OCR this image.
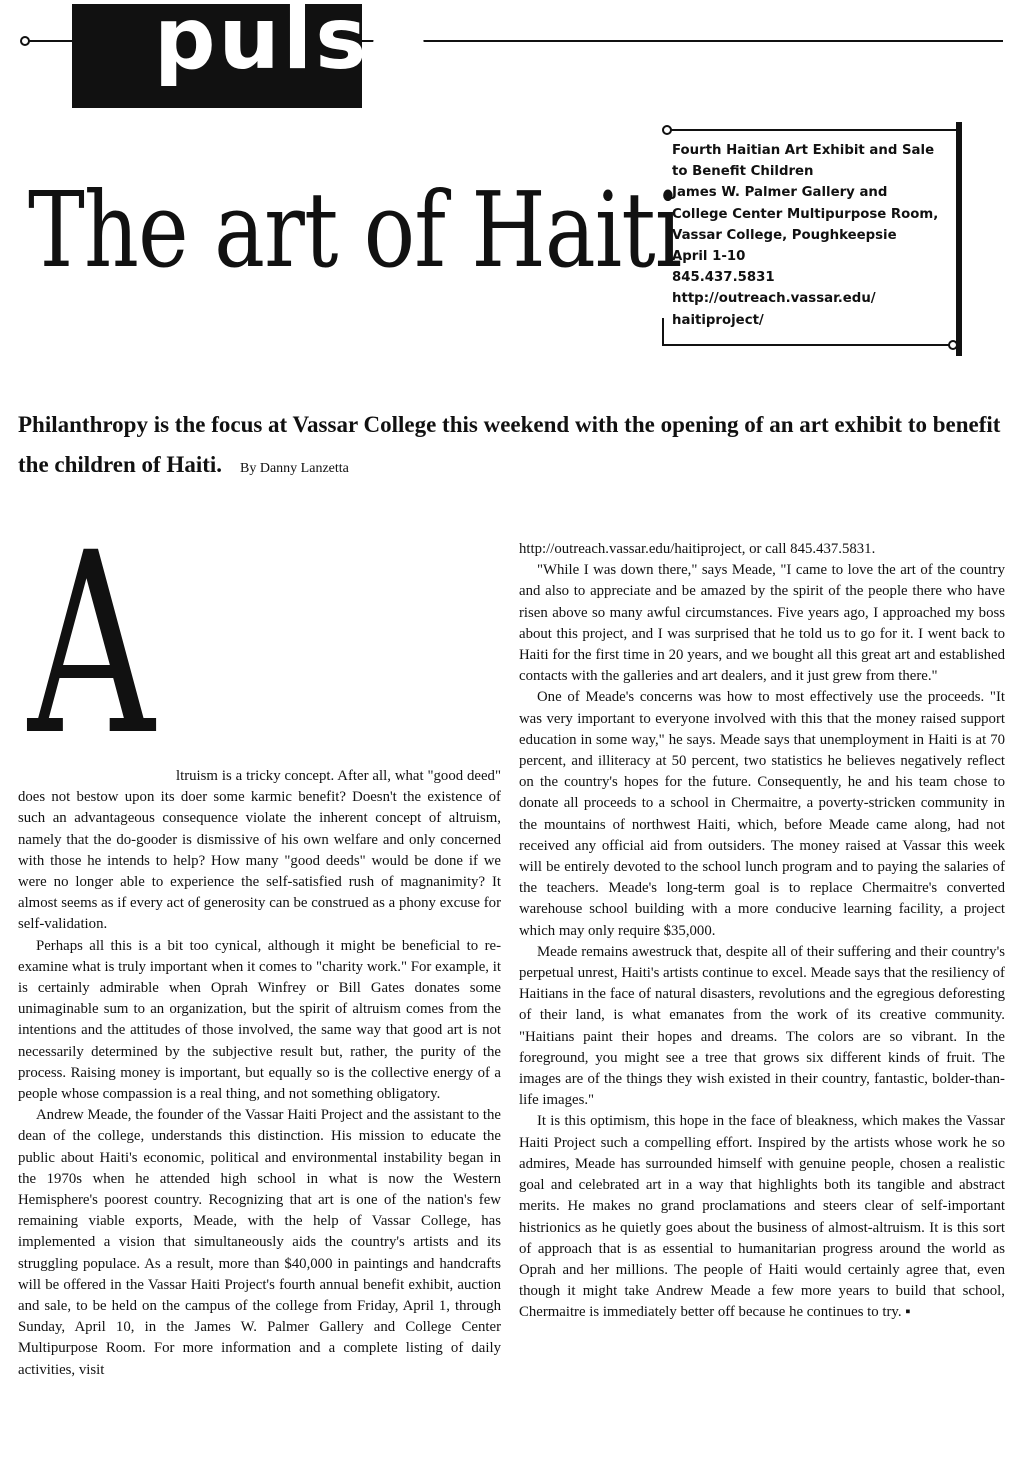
pulse
The art of Haiti
Fourth Haitian Art Exhibit and Sale
to Benefit Children
James W. Palmer Gallery and
College Center Multipurpose Room,
Vassar College, Poughkeepsie
April 1-10
845.437.5831
http://outreach.vassar.edu/
haitiproject/
Philanthropy is the focus at Vassar College this weekend with the opening of an art exhibit to benefit the children of Haiti. By Danny Lanzetta
A	ltruism is a tricky concept. After all, what "good deed" does not bestow upon its doer some karmic benefit? Doesn't the existence of such an advantageous consequence violate the inherent concept of altruism, namely that the do-gooder is dismissive of his own welfare and only concerned with those he intends to help? How many "good deeds" would be done if we were no longer able to experience the self-satisfied rush of magnanimity? It almost seems as if every act of generosity can be construed as a phony excuse for self-validation.

Perhaps all this is a bit too cynical, although it might be beneficial to re-examine what is truly important when it comes to "charity work." For example, it is certainly admirable when Oprah Winfrey or Bill Gates donates some unimaginable sum to an organization, but the spirit of altruism comes from the intentions and the attitudes of those involved, the same way that good art is not necessarily determined by the subjective result but, rather, the purity of the process. Raising money is important, but equally so is the collective energy of a people whose compassion is a real thing, and not something obligatory.

Andrew Meade, the founder of the Vassar Haiti Project and the assistant to the dean of the college, understands this distinction. His mission to educate the public about Haiti's economic, political and environmental instability began in the 1970s when he attended high school in what is now the Western Hemisphere's poorest country. Recognizing that art is one of the nation's few remaining viable exports, Meade, with the help of Vassar College, has implemented a vision that simultaneously aids the country's artists and its struggling populace. As a result, more than $40,000 in paintings and handcrafts will be offered in the Vassar Haiti Project's fourth annual benefit exhibit, auction and sale, to be held on the campus of the college from Friday, April 1, through Sunday, April 10, in the James W. Palmer Gallery and College Center Multipurpose Room. For more information and a complete listing of daily activities, visit

http://outreach.vassar.edu/haitiproject, or call 845.437.5831.

"While I was down there," says Meade, "I came to love the art of the country and also to appreciate and be amazed by the spirit of the people there who have risen above so many awful circumstances. Five years ago, I approached my boss about this project, and I was surprised that he told us to go for it. I went back to Haiti for the first time in 20 years, and we bought all this great art and established contacts with the galleries and art dealers, and it just grew from there."

One of Meade's concerns was how to most effectively use the proceeds. "It was very important to everyone involved with this that the money raised support education in some way," he says. Meade says that unemployment in Haiti is at 70 percent, and illiteracy at 50 percent, two statistics he believes negatively reflect on the country's hopes for the future. Consequently, he and his team chose to donate all proceeds to a school in Chermaitre, a poverty-stricken community in the mountains of northwest Haiti, which, before Meade came along, had not received any official aid from outsiders. The money raised at Vassar this week will be entirely devoted to the school lunch program and to paying the salaries of the teachers. Meade's long-term goal is to replace Chermaitre's converted warehouse school building with a more conducive learning facility, a project which may only require $35,000.

Meade remains awestruck that, despite all of their suffering and their country's perpetual unrest, Haiti's artists continue to excel. Meade says that the resiliency of Haitians in the face of natural disasters, revolutions and the egregious deforesting of their land, is what emanates from the work of its creative community. "Haitians paint their hopes and dreams. The colors are so vibrant. In the foreground, you might see a tree that grows six different kinds of fruit. The images are of the things they wish existed in their country, fantastic, bolder-than-life images."

It is this optimism, this hope in the face of bleakness, which makes the Vassar Haiti Project such a compelling effort. Inspired by the artists whose work he so admires, Meade has surrounded himself with genuine people, chosen a realistic goal and celebrated art in a way that highlights both its tangible and abstract merits. He makes no grand proclamations and steers clear of self-important histrionics as he quietly goes about the business of almost-altruism. It is this sort of approach that is as essential to humanitarian progress around the world as Oprah and her millions. The people of Haiti would certainly agree that, even though it might take Andrew Meade a few more years to build that school, Chermaitre is immediately better off because he continues to try. ▪
